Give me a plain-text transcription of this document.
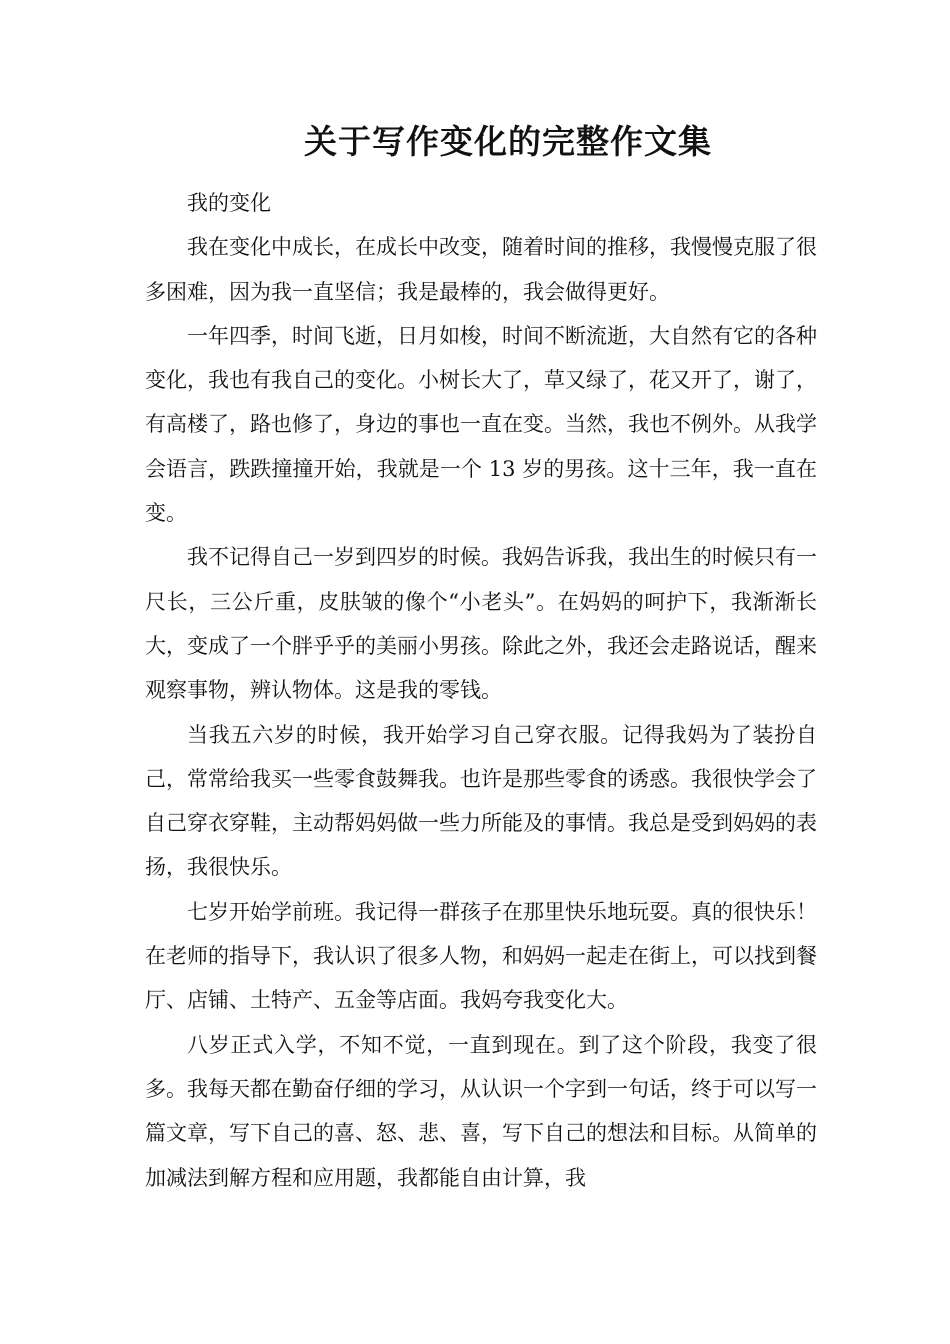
关于写作变化的完整作文集

我的变化

我在变化中成长，在成长中改变，随着时间的推移，我慢慢克服了很多困难，因为我一直坚信；我是最棒的，我会做得更好。

一年四季，时间飞逝，日月如梭，时间不断流逝，大自然有它的各种变化，我也有我自己的变化。小树长大了，草又绿了，花又开了，谢了，有高楼了，路也修了，身边的事也一直在变。当然，我也不例外。从我学会语言，跌跌撞撞开始，我就是一个 13 岁的男孩。这十三年，我一直在变。

我不记得自己一岁到四岁的时候。我妈告诉我，我出生的时候只有一尺长，三公斤重，皮肤皱的像个“小老头”。在妈妈的呵护下，我渐渐长大，变成了一个胖乎乎的美丽小男孩。除此之外，我还会走路说话，醒来观察事物，辨认物体。这是我的零钱。

当我五六岁的时候，我开始学习自己穿衣服。记得我妈为了装扮自己，常常给我买一些零食鼓舞我。也许是那些零食的诱惑。我很快学会了自己穿衣穿鞋，主动帮妈妈做一些力所能及的事情。我总是受到妈妈的表扬，我很快乐。

七岁开始学前班。我记得一群孩子在那里快乐地玩耍。真的很快乐！在老师的指导下，我认识了很多人物，和妈妈一起走在街上，可以找到餐厅、店铺、土特产、五金等店面。我妈夸我变化大。

八岁正式入学，不知不觉，一直到现在。到了这个阶段，我变了很多。我每天都在勤奋仔细的学习，从认识一个字到一句话，终于可以写一篇文章，写下自己的喜、怒、悲、喜，写下自己的想法和目标。从简单的加减法到解方程和应用题，我都能自由计算，我
